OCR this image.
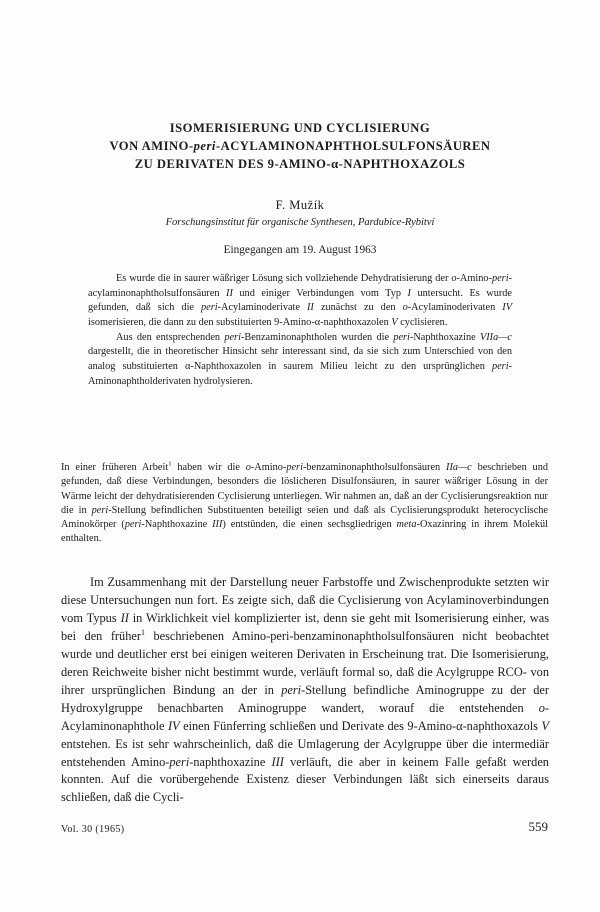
ISOMERISIERUNG UND CYCLISIERUNG
VON AMINO-peri-ACYLAMINONAPHTHOLSULFONSÄUREN
ZU DERIVATEN DES 9-AMINO-α-NAPHTHOXAZOLS
F. Mužík
Forschungsinstitut für organische Synthesen, Pardubice-Rybitví
Eingegangen am 19. August 1963

Es wurde die in saurer wäßriger Lösung sich vollziehende Dehydratisierung der o-Amino-peri-acylaminonaphtholsulfonsäuren II und einiger Verbindungen vom Typ I untersucht. Es wurde gefunden, daß sich die peri-Acylaminoderivate II zunächst zu den o-Acylaminoderivaten IV isomerisieren, die dann zu den substituierten 9-Amino-α-naphthoxazolen V cyclisieren.

Aus den entsprechenden peri-Benzaminonaphtholen wurden die peri-Naphthoxazine VIIa—c dargestellt, die in theoretischer Hinsicht sehr interessant sind, da sie sich zum Unterschied von den analog substituierten α-Naphthoxazolen in saurem Milieu leicht zu den ursprünglichen peri-Aminonaphtholderivaten hydrolysieren.

In einer früheren Arbeit$^1$ haben wir die o-Amino-peri-benzaminonaphtholsulfonsäuren IIa—c beschrieben und gefunden, daß diese Verbindungen, besonders die löslicheren Disulfonsäuren, in saurer wäßriger Lösung in der Wärme leicht der dehydratisierenden Cyclisierung unterliegen. Wir nahmen an, daß an der Cyclisierungsreaktion nur die in peri-Stellung befindlichen Substituenten beteiligt seien und daß als Cyclisierungsprodukt heterocyclische Aminokörper (peri-Naphthoxazine III) entstünden, die einen sechsgliedrigen meta-Oxazinring in ihrem Molekül enthalten.

Im Zusammenhang mit der Darstellung neuer Farbstoffe und Zwischenprodukte setzten wir diese Untersuchungen nun fort. Es zeigte sich, daß die Cyclisierung von Acylaminoverbindungen vom Typus II in Wirklichkeit viel komplizierter ist, denn sie geht mit Isomerisierung einher, was bei den früher$^1$ beschriebenen Amino-peri-benzaminonaphtholsulfonsäuren nicht beobachtet wurde und deutlicher erst bei einigen weiteren Derivaten in Erscheinung trat. Die Isomerisierung, deren Reichweite bisher nicht bestimmt wurde, verläuft formal so, daß die Acylgruppe RCO- von ihrer ursprünglichen Bindung an der in peri-Stellung befindliche Aminogruppe zu der der Hydroxylgruppe benachbarten Aminogruppe wandert, worauf die entstehenden o-Acylaminonaphthole IV einen Fünferring schließen und Derivate des 9-Amino-α-naphthoxazols V entstehen. Es ist sehr wahrscheinlich, daß die Umlagerung der Acylgruppe über die intermediär entstehenden Amino-peri-naphthoxazine III verläuft, die aber in keinem Falle gefaßt werden konnten. Auf die vorübergehende Existenz dieser Verbindungen läßt sich einerseits daraus schließen, daß die Cycli-

Vol. 30 (1965)	559
